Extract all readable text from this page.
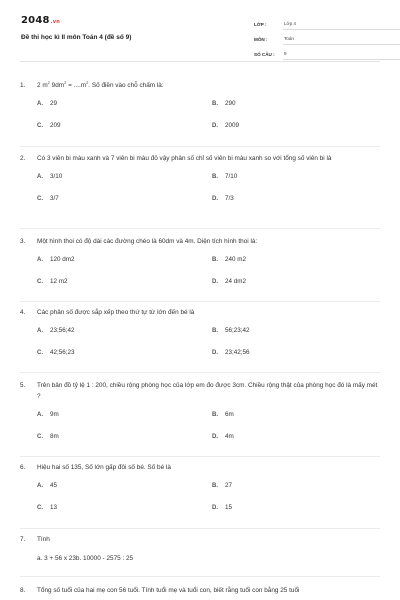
2048.vn
Đề thi học kì II môn Toán 4 (đề số 9)
LỚP :	Lớp 4
MÔN :	Toán
SỐ CÂU :	9
1.	2 $m^2$ $9dm^2 = ....m^2$. Số điền vào chỗ chấm là:
A. 29	B. 290
C. 209	D. 2009
2.	Có 3 viên bi màu xanh và 7 viên bi màu đỏ vậy phân số chỉ số viên bi màu xanh so với tổng số viên bi là
A. 3/10	B. 7/10
C. 3/7	D. 7/3
3.	Một hình thoi có độ dài các đường chéo là 60dm và 4m. Diện tích hình thoi là:
A. 120 dm2	B. 240 m2
C. 12 m2	D. 24 dm2
4.	Các phân số được sắp xếp theo thứ tự từ lớn đến bé là
A. 23;56;42	B. 56;23;42
C. 42;56;23	D. 23;42;56
5.	Trên bản đồ tỷ lệ 1 : 200, chiều rộng phòng học của lớp em đo được 3cm. Chiều rộng thật của phòng học đó là mấy mét ?
A. 9m	B. 6m
C. 8m	D. 4m
6.	Hiệu hai số 135, Số lớn gấp đôi số bé. Số bé là
A. 45	B. 27
C. 13	D. 15
7.	Tính
a. 3 + 56 x 23b. 10000 - 2575 : 25
8.	Tổng số tuổi của hai mẹ con 56 tuổi. Tính tuổi mẹ và tuổi con, biết rằng tuổi con bằng 25 tuổi
